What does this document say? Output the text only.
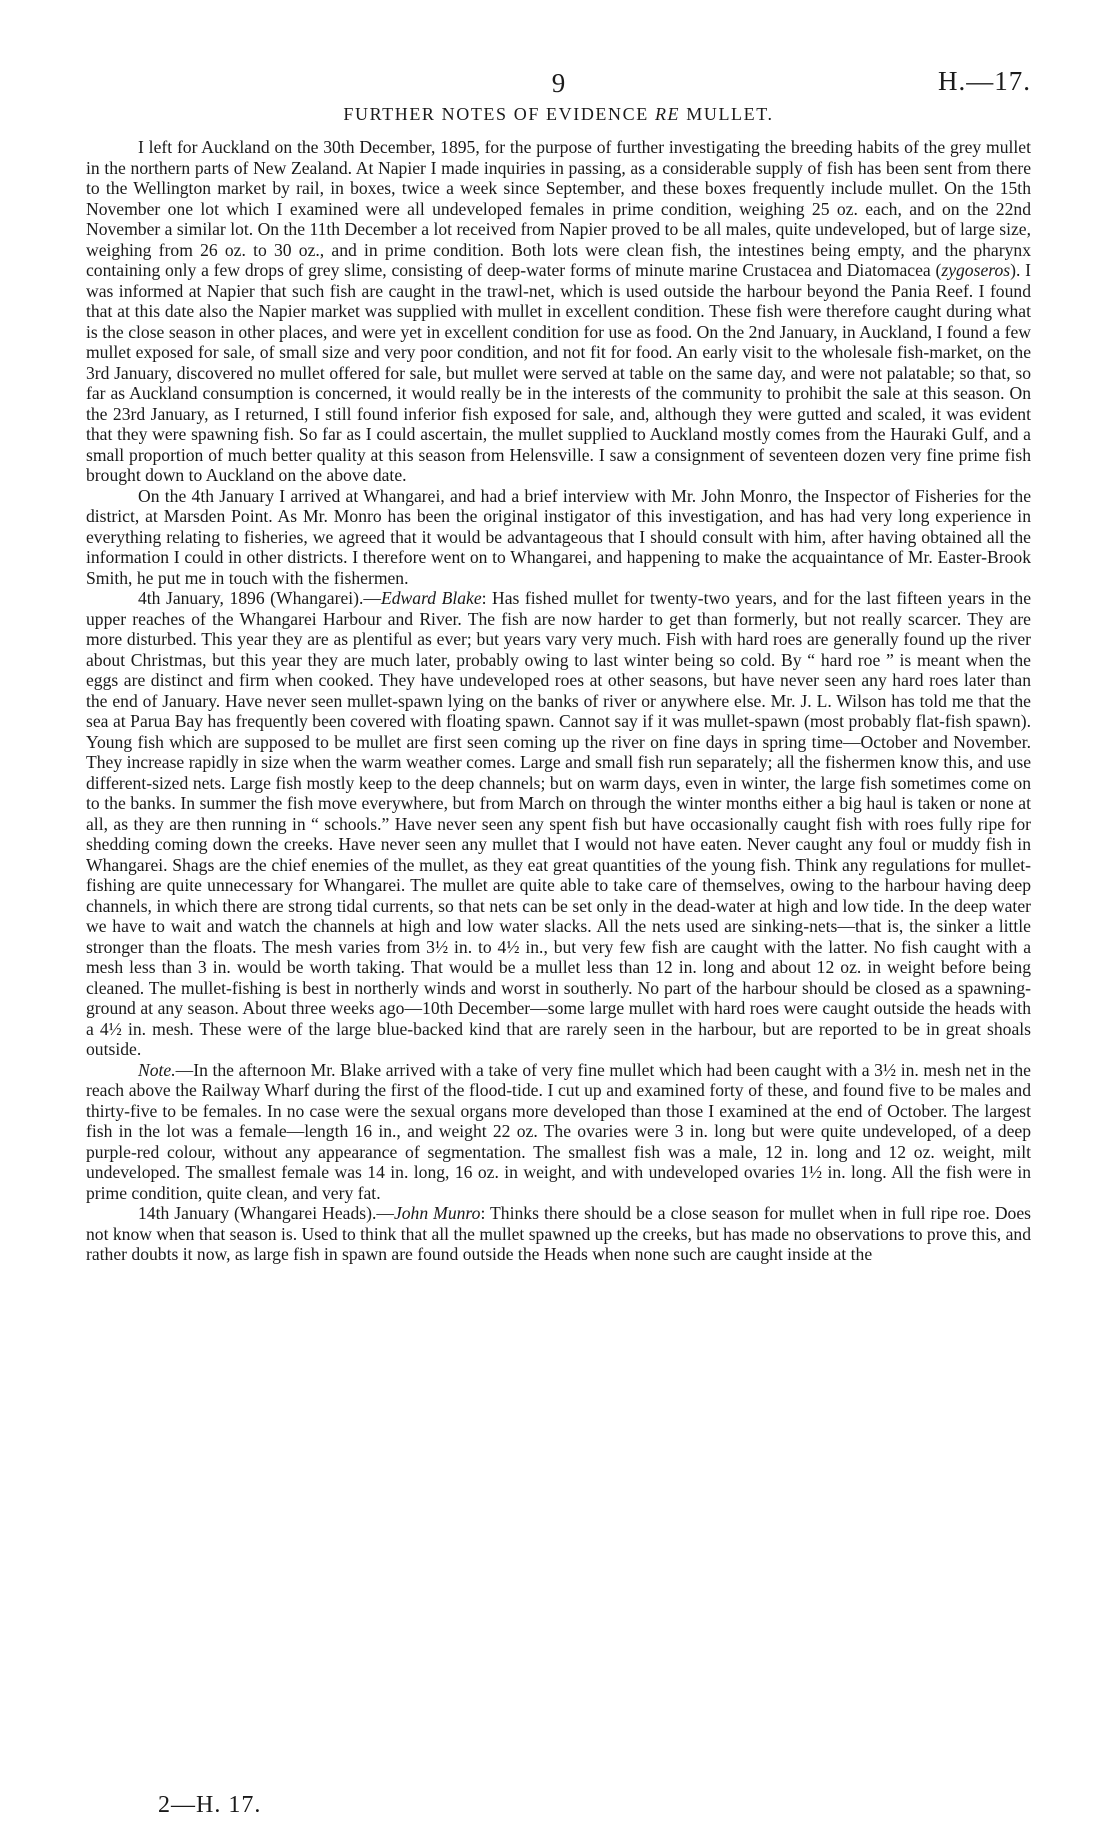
9	H.—17.
FURTHER NOTES OF EVIDENCE RE MULLET.

I left for Auckland on the 30th December, 1895, for the purpose of further investigating the breeding habits of the grey mullet in the northern parts of New Zealand. At Napier I made inquiries in passing, as a considerable supply of fish has been sent from there to the Wellington market by rail, in boxes, twice a week since September, and these boxes frequently include mullet. On the 15th November one lot which I examined were all undeveloped females in prime condition, weighing 25 oz. each, and on the 22nd November a similar lot. On the 11th December a lot received from Napier proved to be all males, quite undeveloped, but of large size, weighing from 26 oz. to 30 oz., and in prime condition. Both lots were clean fish, the intestines being empty, and the pharynx containing only a few drops of grey slime, consisting of deep-water forms of minute marine Crustacea and Diatomacea (zygoseros). I was informed at Napier that such fish are caught in the trawl-net, which is used outside the harbour beyond the Pania Reef. I found that at this date also the Napier market was supplied with mullet in excellent condition. These fish were therefore caught during what is the close season in other places, and were yet in excellent condition for use as food. On the 2nd January, in Auckland, I found a few mullet exposed for sale, of small size and very poor condition, and not fit for food. An early visit to the wholesale fish-market, on the 3rd January, discovered no mullet offered for sale, but mullet were served at table on the same day, and were not palatable; so that, so far as Auckland consumption is concerned, it would really be in the interests of the community to prohibit the sale at this season. On the 23rd January, as I returned, I still found inferior fish exposed for sale, and, although they were gutted and scaled, it was evident that they were spawning fish. So far as I could ascertain, the mullet supplied to Auckland mostly comes from the Hauraki Gulf, and a small proportion of much better quality at this season from Helensville. I saw a consignment of seventeen dozen very fine prime fish brought down to Auckland on the above date.

On the 4th January I arrived at Whangarei, and had a brief interview with Mr. John Monro, the Inspector of Fisheries for the district, at Marsden Point. As Mr. Monro has been the original instigator of this investigation, and has had very long experience in everything relating to fisheries, we agreed that it would be advantageous that I should consult with him, after having obtained all the information I could in other districts. I therefore went on to Whangarei, and happening to make the acquaintance of Mr. Easter-Brook Smith, he put me in touch with the fishermen.

4th January, 1896 (Whangarei).—Edward Blake: Has fished mullet for twenty-two years, and for the last fifteen years in the upper reaches of the Whangarei Harbour and River. The fish are now harder to get than formerly, but not really scarcer. They are more disturbed. This year they are as plentiful as ever; but years vary very much. Fish with hard roes are generally found up the river about Christmas, but this year they are much later, probably owing to last winter being so cold. By “ hard roe ” is meant when the eggs are distinct and firm when cooked. They have undeveloped roes at other seasons, but have never seen any hard roes later than the end of January. Have never seen mullet-spawn lying on the banks of river or anywhere else. Mr. J. L. Wilson has told me that the sea at Parua Bay has frequently been covered with floating spawn. Cannot say if it was mullet-spawn (most probably flat-fish spawn). Young fish which are supposed to be mullet are first seen coming up the river on fine days in spring time—October and November. They increase rapidly in size when the warm weather comes. Large and small fish run separately; all the fishermen know this, and use different-sized nets. Large fish mostly keep to the deep channels; but on warm days, even in winter, the large fish sometimes come on to the banks. In summer the fish move everywhere, but from March on through the winter months either a big haul is taken or none at all, as they are then running in “ schools.” Have never seen any spent fish but have occasionally caught fish with roes fully ripe for shedding coming down the creeks. Have never seen any mullet that I would not have eaten. Never caught any foul or muddy fish in Whangarei. Shags are the chief enemies of the mullet, as they eat great quantities of the young fish. Think any regulations for mullet-fishing are quite unnecessary for Whangarei. The mullet are quite able to take care of themselves, owing to the harbour having deep channels, in which there are strong tidal currents, so that nets can be set only in the dead-water at high and low tide. In the deep water we have to wait and watch the channels at high and low water slacks. All the nets used are sinking-nets—that is, the sinker a little stronger than the floats. The mesh varies from 3½ in. to 4½ in., but very few fish are caught with the latter. No fish caught with a mesh less than 3 in. would be worth taking. That would be a mullet less than 12 in. long and about 12 oz. in weight before being cleaned. The mullet-fishing is best in northerly winds and worst in southerly. No part of the harbour should be closed as a spawning-ground at any season. About three weeks ago—10th December—some large mullet with hard roes were caught outside the heads with a 4½ in. mesh. These were of the large blue-backed kind that are rarely seen in the harbour, but are reported to be in great shoals outside.

Note.—In the afternoon Mr. Blake arrived with a take of very fine mullet which had been caught with a 3½ in. mesh net in the reach above the Railway Wharf during the first of the flood-tide. I cut up and examined forty of these, and found five to be males and thirty-five to be females. In no case were the sexual organs more developed than those I examined at the end of October. The largest fish in the lot was a female—length 16 in., and weight 22 oz. The ovaries were 3 in. long but were quite undeveloped, of a deep purple-red colour, without any appearance of segmentation. The smallest fish was a male, 12 in. long and 12 oz. weight, milt undeveloped. The smallest female was 14 in. long, 16 oz. in weight, and with undeveloped ovaries 1½ in. long. All the fish were in prime condition, quite clean, and very fat.

14th January (Whangarei Heads).—John Munro: Thinks there should be a close season for mullet when in full ripe roe. Does not know when that season is. Used to think that all the mullet spawned up the creeks, but has made no observations to prove this, and rather doubts it now, as large fish in spawn are found outside the Heads when none such are caught inside at the

2—H. 17.
